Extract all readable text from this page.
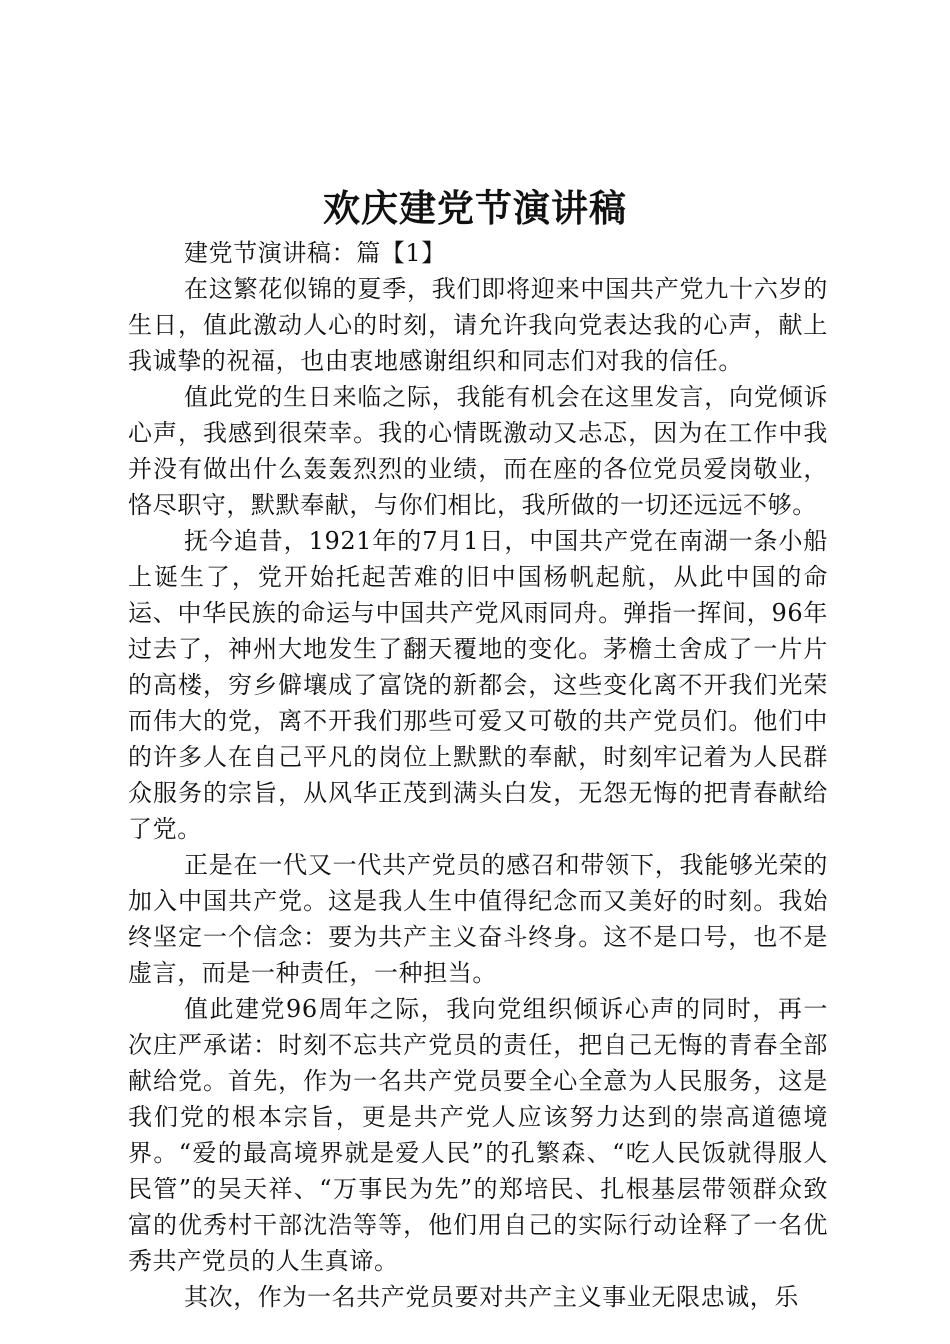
欢庆建党节演讲稿

建党节演讲稿：篇【1】

在这繁花似锦的夏季，我们即将迎来中国共产党九十六岁的生日，值此激动人心的时刻，请允许我向党表达我的心声，献上我诚挚的祝福，也由衷地感谢组织和同志们对我的信任。

值此党的生日来临之际，我能有机会在这里发言，向党倾诉心声，我感到很荣幸。我的心情既激动又忐忑，因为在工作中我并没有做出什么轰轰烈烈的业绩，而在座的各位党员爱岗敬业，恪尽职守，默默奉献，与你们相比，我所做的一切还远远不够。

抚今追昔，1921年的7月1日，中国共产党在南湖一条小船上诞生了，党开始托起苦难的旧中国杨帆起航，从此中国的命运、中华民族的命运与中国共产党风雨同舟。弹指一挥间，96年过去了，神州大地发生了翻天覆地的变化。茅檐土舍成了一片片的高楼，穷乡僻壤成了富饶的新都会，这些变化离不开我们光荣而伟大的党，离不开我们那些可爱又可敬的共产党员们。他们中的许多人在自己平凡的岗位上默默的奉献，时刻牢记着为人民群众服务的宗旨，从风华正茂到满头白发，无怨无悔的把青春献给了党。

正是在一代又一代共产党员的感召和带领下，我能够光荣的加入中国共产党。这是我人生中值得纪念而又美好的时刻。我始终坚定一个信念：要为共产主义奋斗终身。这不是口号，也不是虚言，而是一种责任，一种担当。

值此建党96周年之际，我向党组织倾诉心声的同时，再一次庄严承诺：时刻不忘共产党员的责任，把自己无悔的青春全部献给党。首先，作为一名共产党员要全心全意为人民服务，这是我们党的根本宗旨，更是共产党人应该努力达到的崇高道德境界。“爱的最高境界就是爱人民”的孔繁森、“吃人民饭就得服人民管”的吴天祥、“万事民为先”的郑培民、扎根基层带领群众致富的优秀村干部沈浩等等，他们用自己的实际行动诠释了一名优秀共产党员的人生真谛。

其次，作为一名共产党员要对共产主义事业无限忠诚，乐
